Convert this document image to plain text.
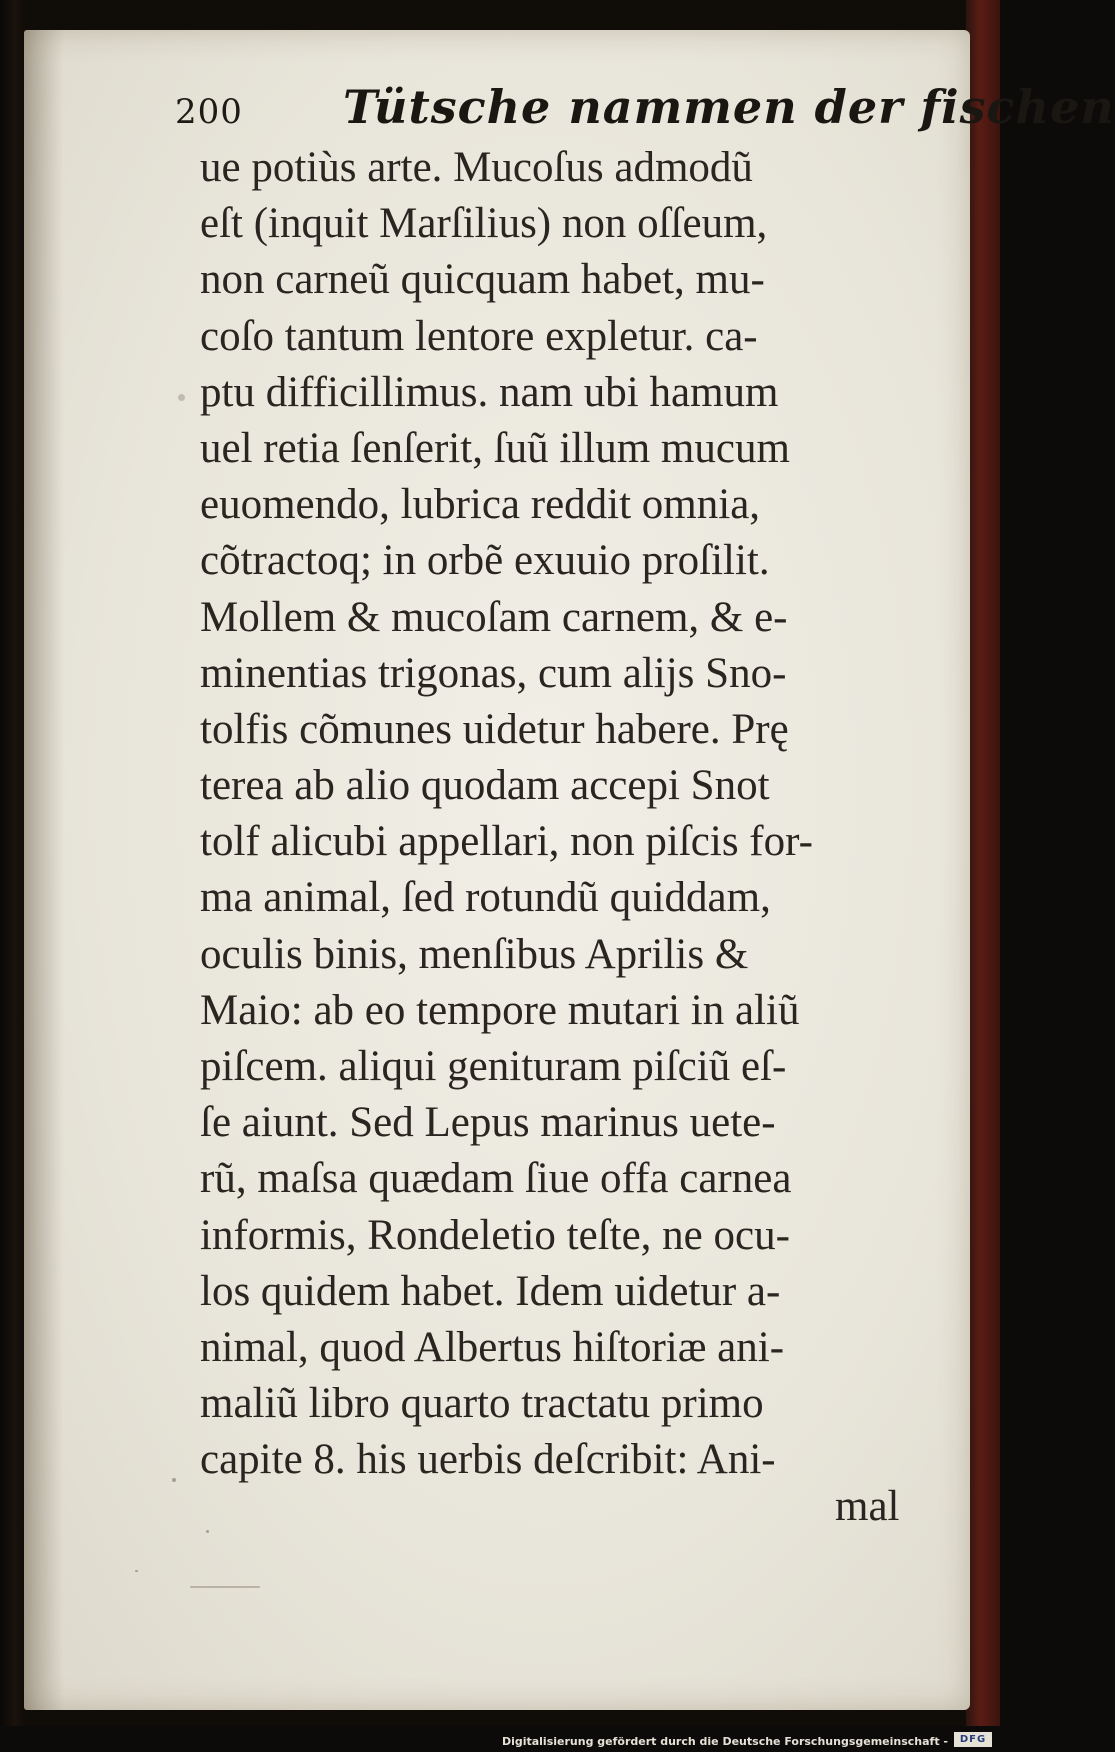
200 Tütsche nammen der fischen
ue potiùs arte. Mucoſus admodũ
eſt (inquit Marſilius) non oſſeum,
non carneũ quicquam habet, mu-
coſo tantum lentore expletur. ca-
ptu difficillimus. nam ubi hamum
uel retia ſenſerit, ſuũ illum mucum
euomendo, lubrica reddit omnia,
cõtractoq; in orbẽ exuuio proſilit.
Mollem & mucoſam carnem, & e-
minentias trigonas, cum alijs Sno-
tolfis cõmunes uidetur habere. Prę
terea ab alio quodam accepi Snot
tolf alicubi appellari, non piſcis for-
ma animal, ſed rotundũ quiddam,
oculis binis, menſibus Aprilis &
Maio: ab eo tempore mutari in aliũ
piſcem. aliqui genituram piſciũ eſ-
ſe aiunt. Sed Lepus marinus uete-
rũ, maſsa quædam ſiue offa carnea
informis, Rondeletio teſte, ne ocu-
los quidem habet. Idem uidetur a-
nimal, quod Albertus hiſtoriæ ani-
maliũ libro quarto tractatu primo
capite 8. his uerbis deſcribit: Ani-
mal
Digitalisierung gefördert durch die Deutsche Forschungsgemeinschaft -	DFG
